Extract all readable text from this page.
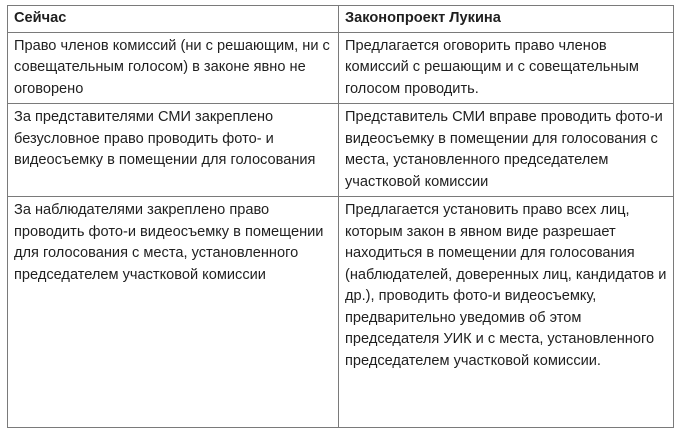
Сейчас	Законопроект Лукина
Право членов комиссий (ни с решающим, ни с совещательным голосом) в законе явно не оговорено	Предлагается оговорить право членов комиссий с решающим и с совещательным голосом проводить.
За представителями СМИ закреплено безусловное право проводить фото- и видеосъемку в помещении для голосования	Представитель СМИ вправе проводить фото-и видеосъемку в помещении для голосования с места, установленного председателем участковой комиссии
За наблюдателями закреплено право проводить фото-и видеосъемку в помещении для голосования с места, установленного председателем участковой комиссии	Предлагается установить право всех лиц, которым закон в явном виде разрешает находиться в помещении для голосования (наблюдателей, доверенных лиц, кандидатов и др.), проводить фото-и видеосъемку, предварительно уведомив об этом председателя УИК и с места, установленного председателем участковой комиссии.
